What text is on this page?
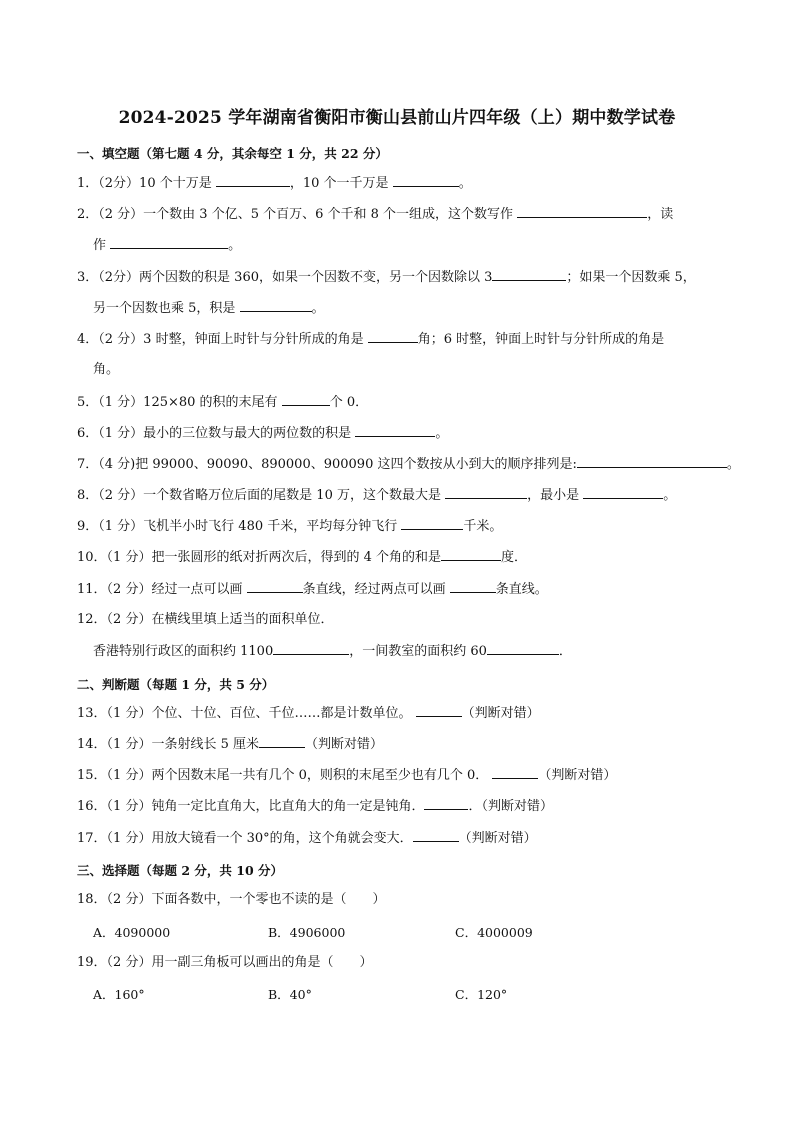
2024-2025 学年湖南省衡阳市衡山县前山片四年级（上）期中数学试卷
一、填空题（第七题 4 分，其余每空 1 分，共 22 分）
1．（2分）10 个十万是	，10 个一千万是	。
2．（2 分）一个数由 3 个亿、5 个百万、6 个千和 8 个一组成，这个数写作	，读
作	。
3．（2分）两个因数的积是 360，如果一个因数不变，另一个因数除以 3	；如果一个因数乘 5，
另一个因数也乘 5，积是	。
4．（2 分）3 时整，钟面上时针与分针所成的角是	角；6 时整，钟面上时针与分针所成的角是
角。
5．（1 分）125×80 的积的末尾有	个 0．
6．（1 分）最小的三位数与最大的两位数的积是	。
7．（4 分)把 99000、90090、890000、900090 这四个数按从小到大的顺序排列是:	。
8．（2 分）一个数省略万位后面的尾数是 10 万，这个数最大是	，最小是	。
9．（1 分）飞机半小时飞行 480 千米，平均每分钟飞行	千米。
10．（1 分）把一张圆形的纸对折两次后，得到的 4 个角的和是	度．
11．（2 分）经过一点可以画	条直线，经过两点可以画	条直线。
12．（2 分）在横线里填上适当的面积单位．
香港特别行政区的面积约 1100	，一间教室的面积约 60	．
二、判断题（每题 1 分，共 5 分）
13．（1 分）个位、十位、百位、千位……都是计数单位。	（判断对错）
14．（1 分）一条射线长 5 厘米	（判断对错）
15．（1 分）两个因数末尾一共有几个 0，则积的末尾至少也有几个 0．	（判断对错）
16．（1 分）钝角一定比直角大，比直角大的角一定是钝角．	．（判断对错）
17．（1 分）用放大镜看一个 30°的角，这个角就会变大．	（判断对错）
三、选择题（每题 2 分，共 10 分）
18．（2 分）下面各数中，一个零也不读的是（　　）
A．4090000	B．4906000	C．4000009
19．（2 分）用一副三角板可以画出的角是（　　）
A．160°	B．40°	C．120°
